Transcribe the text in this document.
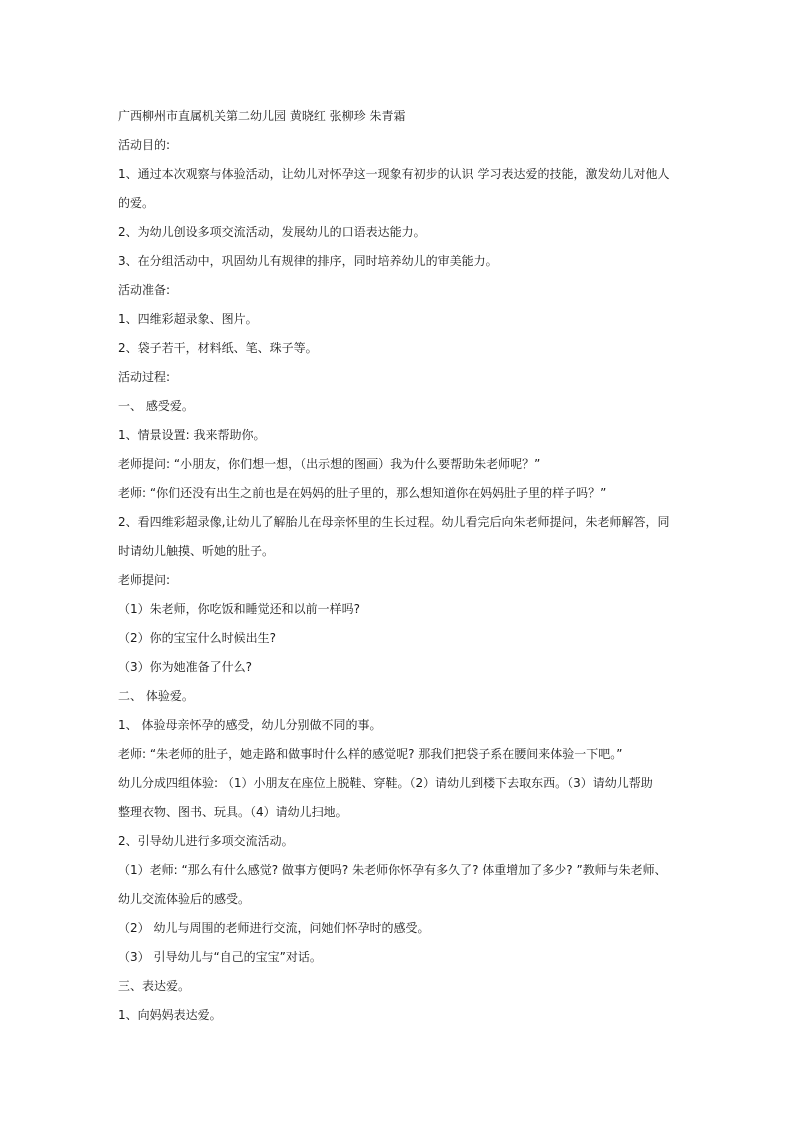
广西柳州市直属机关第二幼儿园 黄晓红 张柳珍 朱青霜
活动目的:
1、通过本次观察与体验活动，让幼儿对怀孕这一现象有初步的认识 学习表达爱的技能，激发幼儿对他人
的爱。
2、为幼儿创设多项交流活动，发展幼儿的口语表达能力。
3、在分组活动中，巩固幼儿有规律的排序，同时培养幼儿的审美能力。
活动准备:
1、四维彩超录象、图片。
2、袋子若干，材料纸、笔、珠子等。
活动过程:
一、 感受爱。
1、情景设置: 我来帮助你。
老师提问: “小朋友，你们想一想，（出示想的图画）我为什么要帮助朱老师呢？”
老师: “你们还没有出生之前也是在妈妈的肚子里的，那么想知道你在妈妈肚子里的样子吗？”
2、看四维彩超录像,让幼儿了解胎儿在母亲怀里的生长过程。幼儿看完后向朱老师提问，朱老师解答，同
时请幼儿触摸、听她的肚子。
老师提问:
（1）朱老师，你吃饭和睡觉还和以前一样吗?
（2）你的宝宝什么时候出生?
（3）你为她准备了什么?
二、 体验爱。
1、 体验母亲怀孕的感受，幼儿分别做不同的事。
老师: “朱老师的肚子，她走路和做事时什么样的感觉呢? 那我们把袋子系在腰间来体验一下吧。”
幼儿分成四组体验: （1）小朋友在座位上脱鞋、穿鞋。（2）请幼儿到楼下去取东西。（3）请幼儿帮助
整理衣物、图书、玩具。（4）请幼儿扫地。
2、引导幼儿进行多项交流活动。
（1）老师: “那么有什么感觉? 做事方便吗? 朱老师你怀孕有多久了? 体重增加了多少? ”教师与朱老师、
幼儿交流体验后的感受。
（2） 幼儿与周围的老师进行交流，问她们怀孕时的感受。
（3） 引导幼儿与“自己的宝宝”对话。
三、表达爱。
1、向妈妈表达爱。
